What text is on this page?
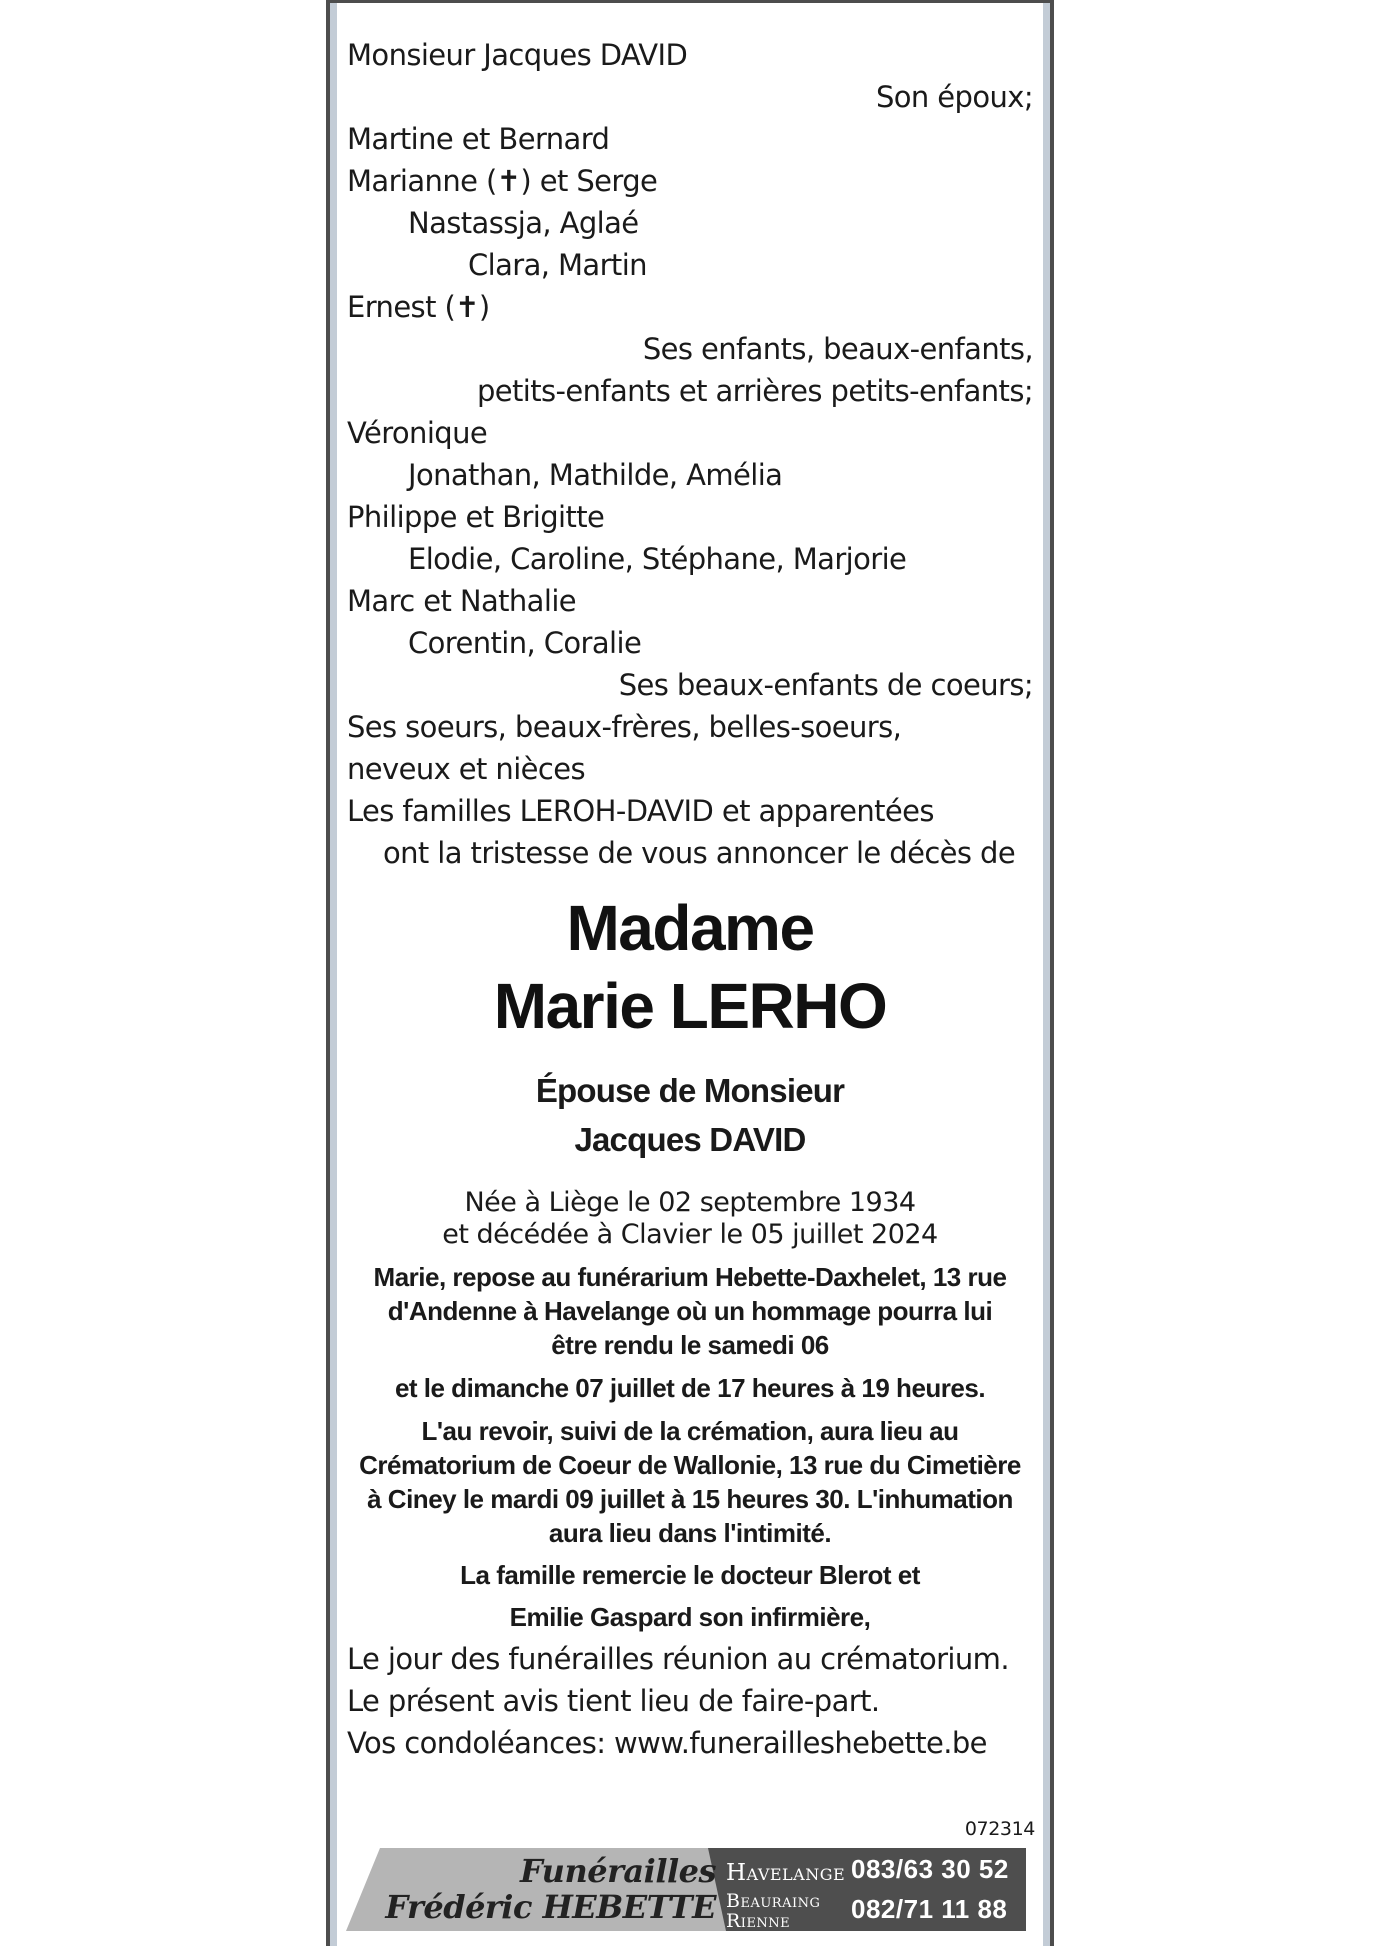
Monsieur Jacques DAVID
Son époux;
Martine et Bernard
Marianne (✝) et Serge
Nastassja, Aglaé
Clara, Martin
Ernest (✝)
Ses enfants, beaux-enfants,
petits-enfants et arrières petits-enfants;
Véronique
Jonathan, Mathilde, Amélia
Philippe et Brigitte
Elodie, Caroline, Stéphane, Marjorie
Marc et Nathalie
Corentin, Coralie
Ses beaux-enfants de coeurs;
Ses soeurs, beaux-frères, belles-soeurs,
neveux et nièces
Les familles LEROH-DAVID et apparentées
ont la tristesse de vous annoncer le décès de
Madame
Marie LERHO
Épouse de Monsieur
Jacques DAVID
Née à Liège le 02 septembre 1934
et décédée à Clavier le 05 juillet 2024
Marie, repose au funérarium Hebette-Daxhelet, 13 rue
d'Andenne à Havelange où un hommage pourra lui
être rendu le samedi 06
et le dimanche 07 juillet de 17 heures à 19 heures.
L'au revoir, suivi de la crémation, aura lieu au
Crématorium de Coeur de Wallonie, 13 rue du Cimetière
à Ciney le mardi 09 juillet à 15 heures 30. L'inhumation
aura lieu dans l'intimité.
La famille remercie le docteur Blerot et
Emilie Gaspard son infirmière,
Le jour des funérailles réunion au crématorium.
Le présent avis tient lieu de faire-part.
Vos condoléances: www.funerailleshebette.be
072314
Funérailles
Frédéric HEBETTE
Havelange 083/63 30 52
Beauraing
Rienne 082/71 11 88
